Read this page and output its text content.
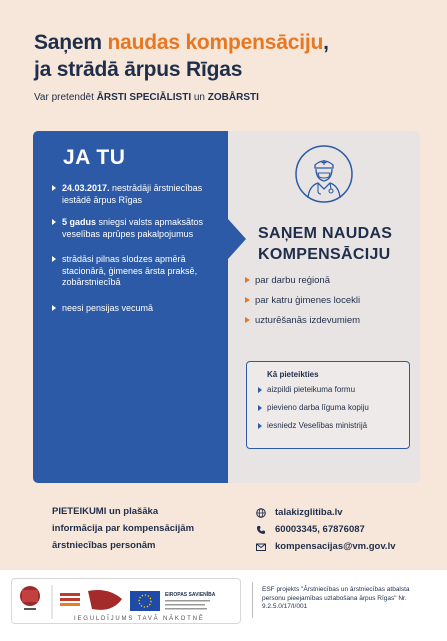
Saņem naudas kompensāciju,
ja strādā ārpus Rīgas
Var pretendēt ĀRSTI SPECIĀLISTI un ZOBĀRSTI
JA TU
24.03.2017. nestrādāji ārstniecības iestādē ārpus Rīgas
5 gadus sniegsi valsts apmaksātos veselības aprūpes pakalpojumus
strādāsi pilnas slodzes apmērā stacionārā, ģimenes ārsta praksē, zobārstniecībā
neesi pensijas vecumā
SAŅEM NAUDAS
KOMPENSĀCIJU
par darbu reģionā
par katru ģimenes locekli
uzturēšanās izdevumiem
Kā pieteikties
aizpildi pieteikuma formu
pievieno darba līguma kopiju
iesniedz Veselības ministrijā
PIETEIKUMI un plašāka
informācija par kompensācijām
ārstniecības personām
talakizglitiba.lv
60003345, 67876087
kompensacijas@vm.gov.lv
EIROPAS SAVIENĪBA
IEGULDĪJUMS TAVĀ NĀKOTNĒ
ESF projekts "Ārstniecības un ārstniecības atbalsta personu pieejamības uzlabošana ārpus Rīgas" Nr. 9.2.5.0/17/I/001
